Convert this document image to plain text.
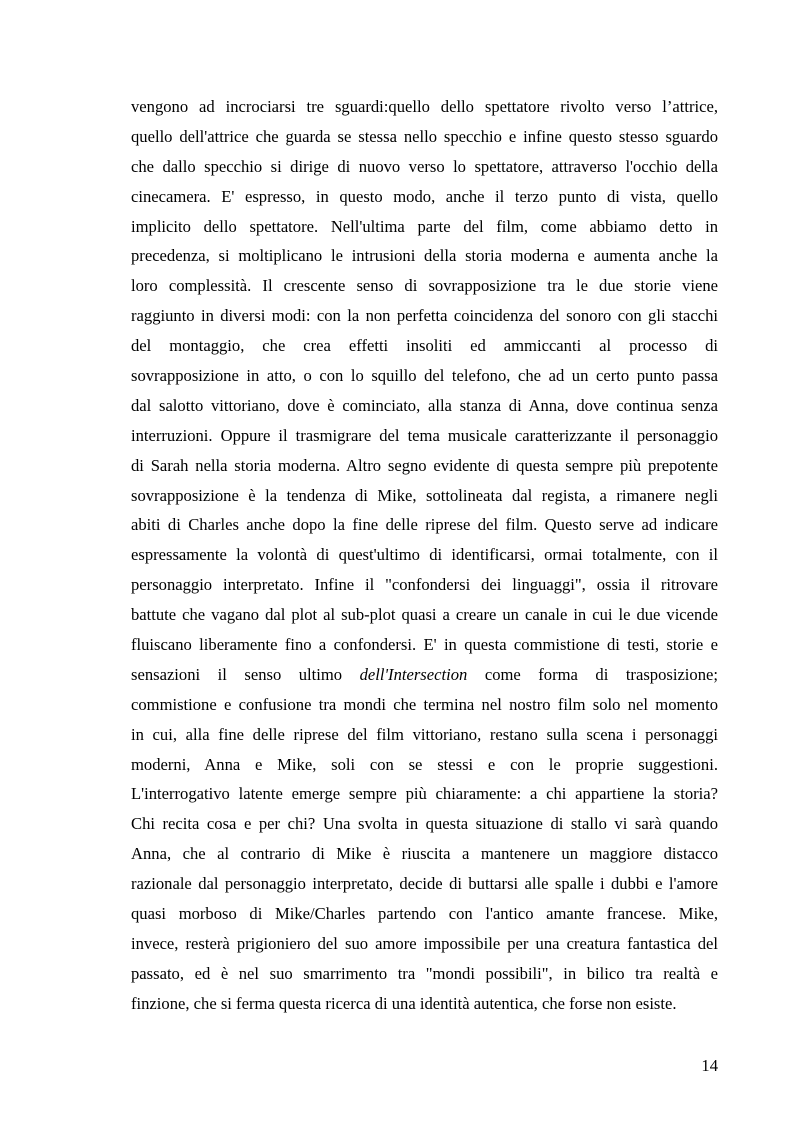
vengono ad incrociarsi tre sguardi:quello dello spettatore rivolto verso l’attrice,
quello dell'attrice che guarda se stessa nello specchio e infine questo stesso sguardo
che dallo specchio si dirige di nuovo verso lo spettatore, attraverso l'occhio della
cinecamera. E' espresso, in questo modo, anche il terzo punto di vista, quello
implicito dello spettatore. Nell'ultima parte del film, come abbiamo detto in
precedenza, si moltiplicano le intrusioni della storia moderna e aumenta anche la
loro complessità. Il crescente senso di sovrapposizione tra le due storie viene
raggiunto in diversi modi: con la non perfetta coincidenza del sonoro con gli stacchi
del montaggio, che crea effetti insoliti ed ammiccanti al processo di
sovrapposizione in atto, o con lo squillo del telefono, che ad un certo punto passa
dal salotto vittoriano, dove è cominciato, alla stanza di Anna, dove continua senza
interruzioni. Oppure il trasmigrare del tema musicale caratterizzante il personaggio
di Sarah nella storia moderna. Altro segno evidente di questa sempre più prepotente
sovrapposizione è la tendenza di Mike, sottolineata dal regista, a rimanere negli
abiti di Charles anche dopo la fine delle riprese del film. Questo serve ad indicare
espressamente la volontà di quest'ultimo di identificarsi, ormai totalmente, con il
personaggio interpretato. Infine il "confondersi dei linguaggi", ossia il ritrovare
battute che vagano dal plot al sub-plot quasi a creare un canale in cui le due vicende
fluiscano liberamente fino a confondersi. E' in questa commistione di testi, storie e
sensazioni il senso ultimo dell'Intersection come forma di trasposizione;
commistione e confusione tra mondi che termina nel nostro film solo nel momento
in cui, alla fine delle riprese del film vittoriano, restano sulla scena i personaggi
moderni, Anna e Mike, soli con se stessi e con le proprie suggestioni.
L'interrogativo latente emerge sempre più chiaramente: a chi appartiene la storia?
Chi recita cosa e per chi? Una svolta in questa situazione di stallo vi sarà quando
Anna, che al contrario di Mike è riuscita a mantenere un maggiore distacco
razionale dal personaggio interpretato, decide di buttarsi alle spalle i dubbi e l'amore
quasi morboso di Mike/Charles partendo con l'antico amante francese. Mike,
invece, resterà prigioniero del suo amore impossibile per una creatura fantastica del
passato, ed è nel suo smarrimento tra "mondi possibili", in bilico tra realtà e
finzione, che si ferma questa ricerca di una identità autentica, che forse non esiste.
14
